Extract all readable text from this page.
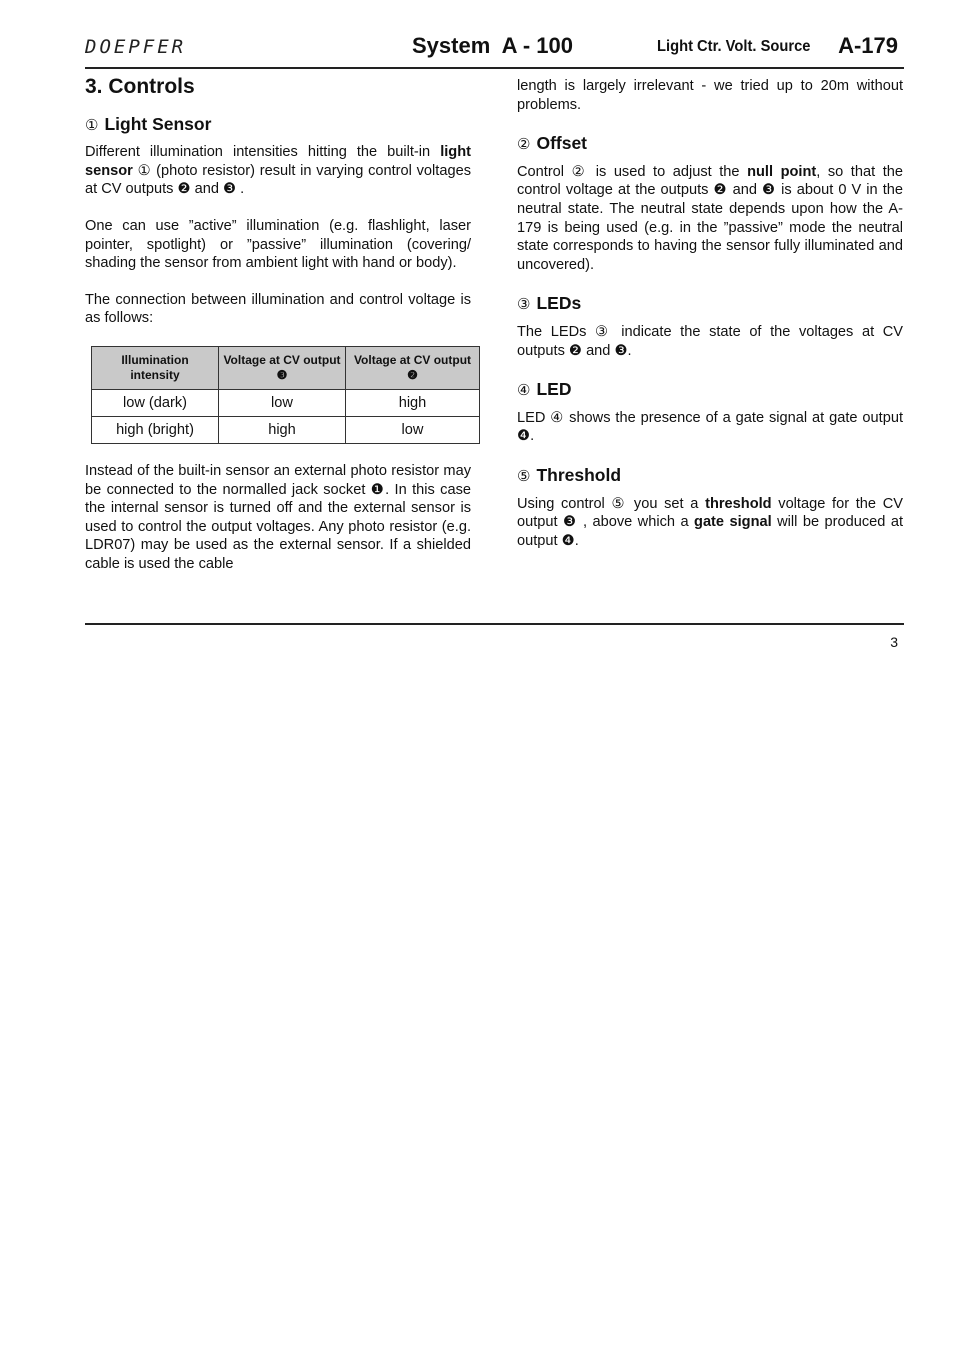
DOEPFER	System  A - 100	Light Ctr. Volt. Source A-179
3. Controls
① Light Sensor

Different illumination intensities hitting the built-in light sensor ① (photo resistor) result in varying control voltages at CV outputs ❷ and ❸ .

One can use ”active” illumination (e.g. flashlight, laser pointer, spotlight) or ”passive” illumination (covering/ shading the sensor from ambient light with hand or body).

The connection between illumination and control voltage is as follows:

Illumination intensity	Voltage at CV output ❸	Voltage at CV output ❷
low (dark)	low	high
high (bright)	high	low

Instead of the built-in sensor an external photo resistor may be connected to the normalled jack socket ❶. In this case the internal sensor is turned off and the external sensor is used to control the output voltages. Any photo resistor (e.g. LDR07) may be used as the external sensor. If a shielded cable is used the cable

length is largely irrelevant - we tried up to 20m without problems.

② Offset

Control ② is used to adjust the null point, so that the control voltage at the outputs ❷ and ❸ is about 0 V in the neutral state. The neutral state depends upon how the A-179 is being used (e.g. in the ”passive” mode the neutral state corresponds to having the sensor fully illuminated and uncovered).

③ LEDs

The LEDs ③ indicate the state of the voltages at CV outputs ❷ and ❸.

④ LED

LED ④ shows the presence of a gate signal at gate output ❹.

⑤ Threshold

Using control ⑤ you set a threshold voltage for the CV output ❸ , above which a gate signal will be produced at output ❹.

3
